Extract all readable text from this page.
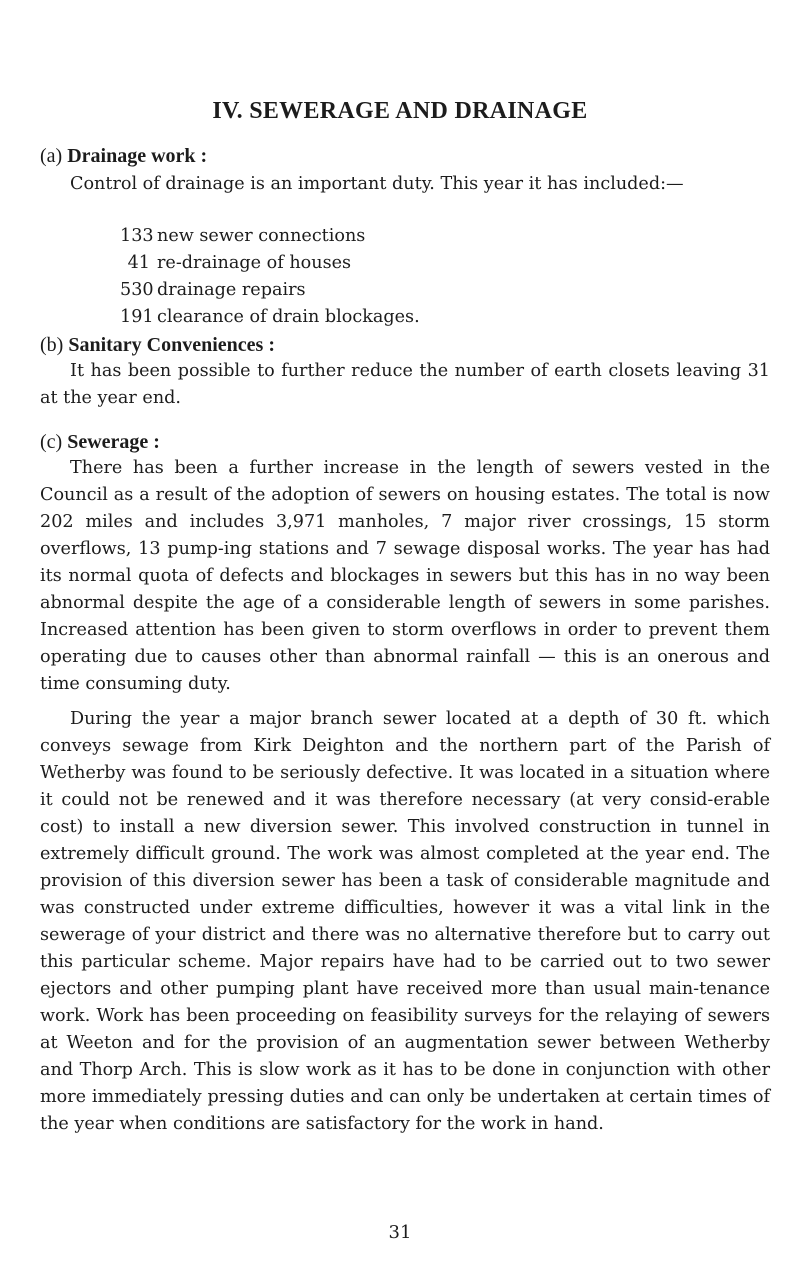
IV. SEWERAGE AND DRAINAGE
(a) Drainage work :

Control of drainage is an important duty. This year it has included:—

133 new sewer connections
41 re-drainage of houses
530 drainage repairs
191 clearance of drain blockages.
(b) Sanitary Conveniences :

It has been possible to further reduce the number of earth closets leaving 31 at the year end.

(c) Sewerage :

There has been a further increase in the length of sewers vested in the Council as a result of the adoption of sewers on housing estates. The total is now 202 miles and includes 3,971 manholes, 7 major river crossings, 15 storm overflows, 13 pump-ing stations and 7 sewage disposal works. The year has had its normal quota of defects and blockages in sewers but this has in no way been abnormal despite the age of a considerable length of sewers in some parishes. Increased attention has been given to storm overflows in order to prevent them operating due to causes other than abnormal rainfall — this is an onerous and time consuming duty.

During the year a major branch sewer located at a depth of 30 ft. which conveys sewage from Kirk Deighton and the northern part of the Parish of Wetherby was found to be seriously defective. It was located in a situation where it could not be renewed and it was therefore necessary (at very consid-erable cost) to install a new diversion sewer. This involved construction in tunnel in extremely difficult ground. The work was almost completed at the year end. The provision of this diversion sewer has been a task of considerable magnitude and was constructed under extreme difficulties, however it was a vital link in the sewerage of your district and there was no alternative therefore but to carry out this particular scheme. Major repairs have had to be carried out to two sewer ejectors and other pumping plant have received more than usual main-tenance work. Work has been proceeding on feasibility surveys for the relaying of sewers at Weeton and for the provision of an augmentation sewer between Wetherby and Thorp Arch. This is slow work as it has to be done in conjunction with other more immediately pressing duties and can only be undertaken at certain times of the year when conditions are satisfactory for the work in hand.

31
